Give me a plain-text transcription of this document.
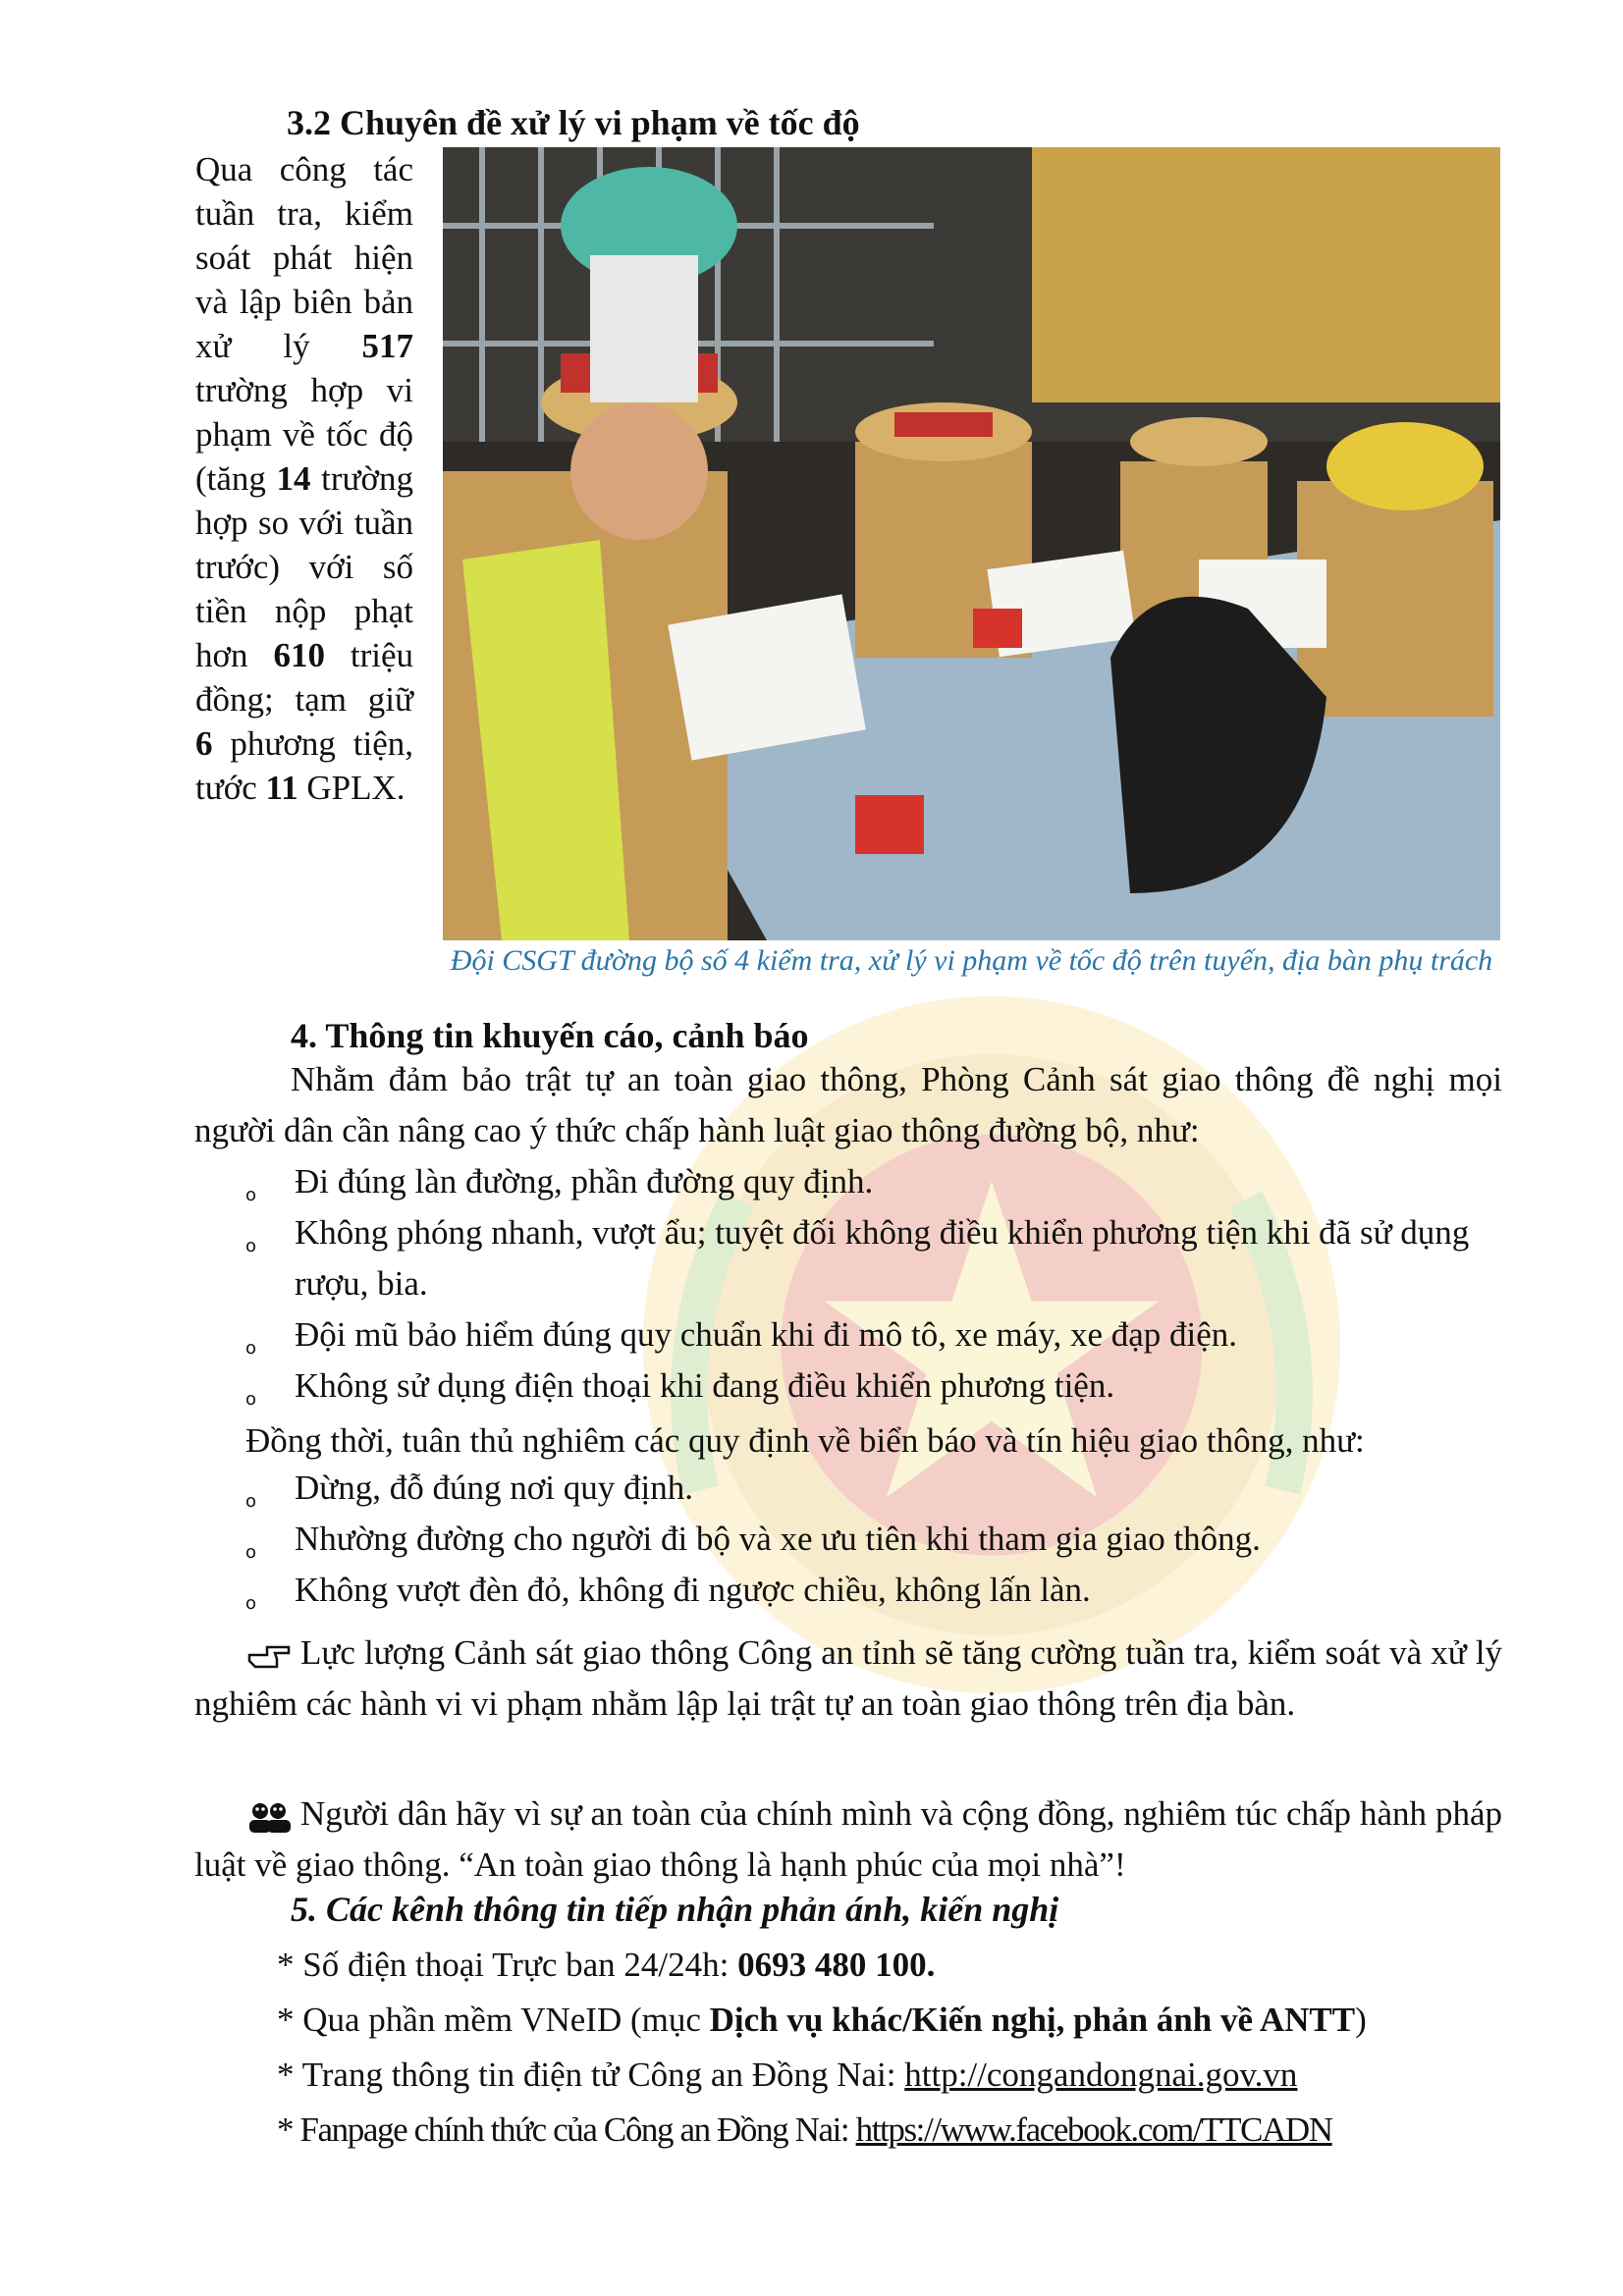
3.2 Chuyên đề xử lý vi phạm về tốc độ
Qua công tác tuần tra, kiểm soát phát hiện và lập biên bản xử lý 517 trường hợp vi phạm về tốc độ (tăng 14 trường hợp so với tuần trước) với số tiền nộp phạt hơn 610 triệu đồng; tạm giữ 6 phương tiện, tước 11 GPLX.
Đội CSGT đường bộ số 4 kiểm tra, xử lý vi phạm về tốc độ trên tuyến, địa bàn phụ trách
4. Thông tin khuyến cáo, cảnh báo
Nhằm đảm bảo trật tự an toàn giao thông, Phòng Cảnh sát giao thông đề nghị mọi người dân cần nâng cao ý thức chấp hành luật giao thông đường bộ, như:
o Đi đúng làn đường, phần đường quy định.
o Không phóng nhanh, vượt ẩu; tuyệt đối không điều khiển phương tiện khi đã sử dụng rượu, bia.
o Đội mũ bảo hiểm đúng quy chuẩn khi đi mô tô, xe máy, xe đạp điện.
o Không sử dụng điện thoại khi đang điều khiển phương tiện.
Đồng thời, tuân thủ nghiêm các quy định về biển báo và tín hiệu giao thông, như:
o Dừng, đỗ đúng nơi quy định.
o Nhường đường cho người đi bộ và xe ưu tiên khi tham gia giao thông.
o Không vượt đèn đỏ, không đi ngược chiều, không lấn làn.
Lực lượng Cảnh sát giao thông Công an tỉnh sẽ tăng cường tuần tra, kiểm soát và xử lý nghiêm các hành vi vi phạm nhằm lập lại trật tự an toàn giao thông trên địa bàn.
Người dân hãy vì sự an toàn của chính mình và cộng đồng, nghiêm túc chấp hành pháp luật về giao thông. “An toàn giao thông là hạnh phúc của mọi nhà”!
5. Các kênh thông tin tiếp nhận phản ánh, kiến nghị
* Số điện thoại Trực ban 24/24h: 0693 480 100.
* Qua phần mềm VNeID (mục Dịch vụ khác/Kiến nghị, phản ánh về ANTT)
* Trang thông tin điện tử Công an Đồng Nai: http://congandongnai.gov.vn
* Fanpage chính thức của Công an Đồng Nai: https://www.facebook.com/TTCADN
